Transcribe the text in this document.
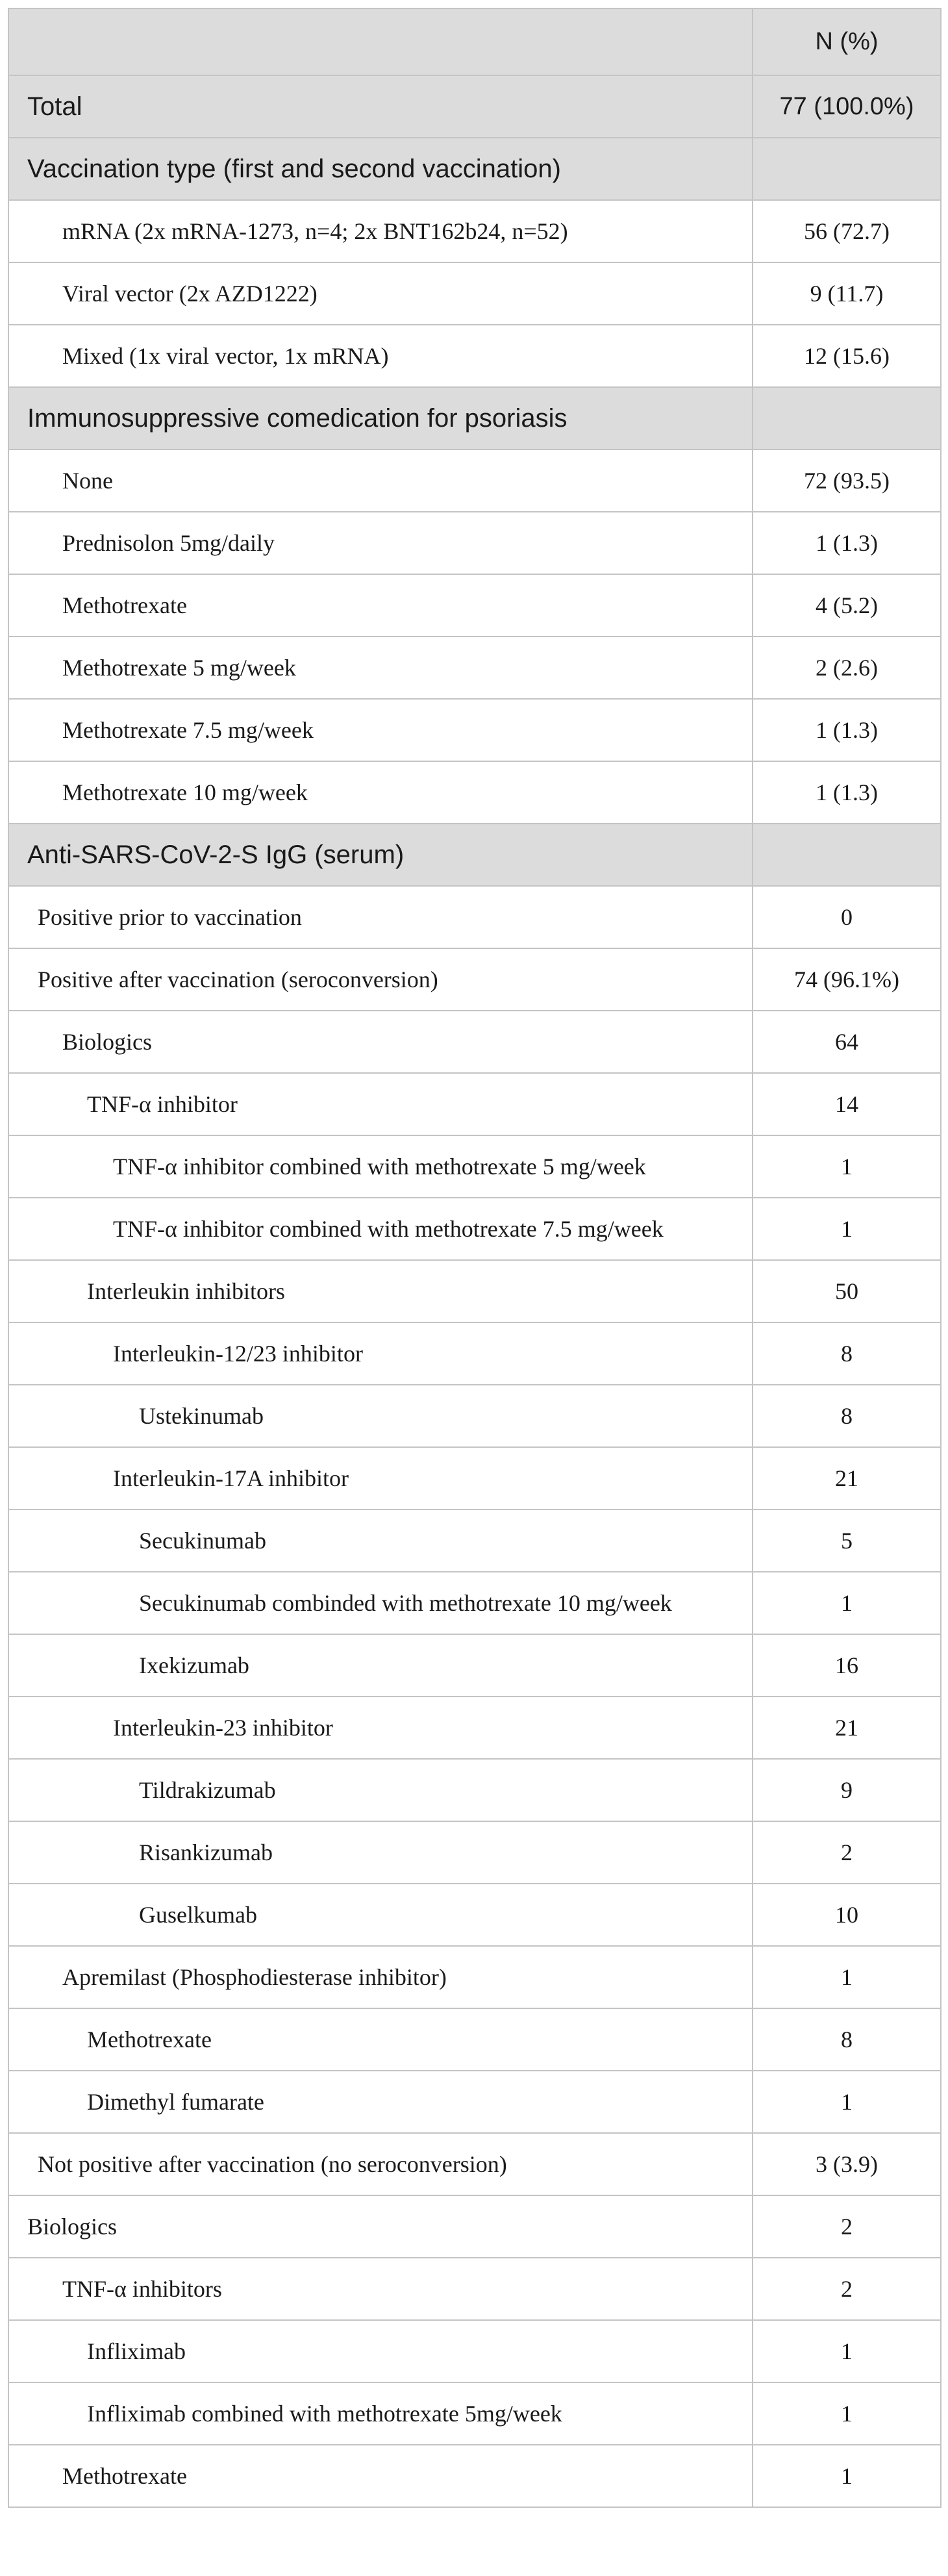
	N (%)
Total	77 (100.0%)
Vaccination type (first and second vaccination)	
mRNA (2x mRNA-1273, n=4; 2x BNT162b24, n=52)	56 (72.7)
Viral vector (2x AZD1222)	9 (11.7)
Mixed (1x viral vector, 1x mRNA)	12 (15.6)
Immunosuppressive comedication for psoriasis	
None	72 (93.5)
Prednisolon 5mg/daily	1 (1.3)
Methotrexate	4 (5.2)
Methotrexate 5 mg/week	2 (2.6)
Methotrexate 7.5 mg/week	1 (1.3)
Methotrexate 10 mg/week	1 (1.3)
Anti-SARS-CoV-2-S IgG (serum)	
Positive prior to vaccination	0
Positive after vaccination (seroconversion)	74 (96.1%)
Biologics	64
TNF-α inhibitor	14
TNF-α inhibitor combined with methotrexate 5 mg/week	1
TNF-α inhibitor combined with methotrexate 7.5 mg/week	1
Interleukin inhibitors	50
Interleukin-12/23 inhibitor	8
Ustekinumab	8
Interleukin-17A inhibitor	21
Secukinumab	5
Secukinumab combinded with methotrexate 10 mg/week	1
Ixekizumab	16
Interleukin-23 inhibitor	21
Tildrakizumab	9
Risankizumab	2
Guselkumab	10
Apremilast (Phosphodiesterase inhibitor)	1
Methotrexate	8
Dimethyl fumarate	1
Not positive after vaccination (no seroconversion)	3 (3.9)
Biologics	2
TNF-α inhibitors	2
Infliximab	1
Infliximab combined with methotrexate 5mg/week	1
Methotrexate	1
